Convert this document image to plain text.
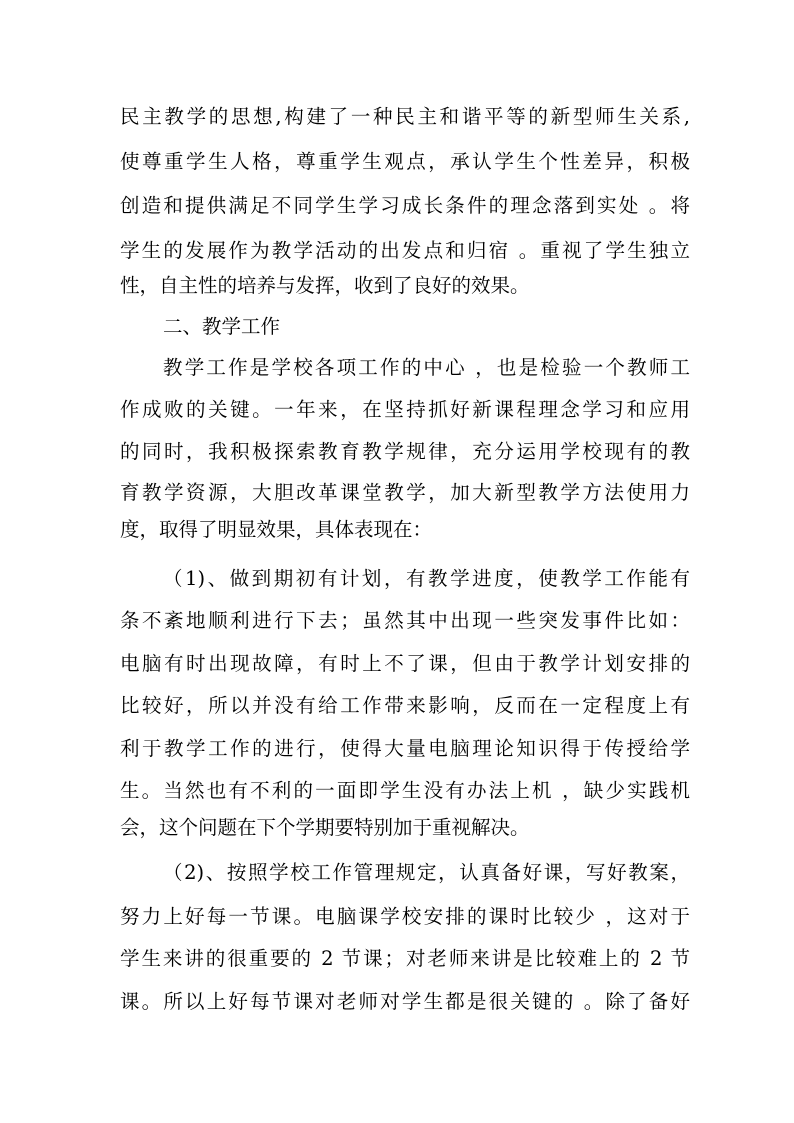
民主教学的思想,构建了一种民主和谐平等的新型师生关系,
使尊重学生人格，尊重学生观点，承认学生个性差异，积极
创造和提供满足不同学生学习成长条件的理念落到实处 。将
学生的发展作为教学活动的出发点和归宿 。重视了学生独立
性，自主性的培养与发挥，收到了良好的效果。
二、教学工作
教学工作是学校各项工作的中心 ，也是检验一个教师工
作成败的关键。一年来，在坚持抓好新课程理念学习和应用
的同时，我积极探索教育教学规律，充分运用学校现有的教
育教学资源，大胆改革课堂教学，加大新型教学方法使用力
度，取得了明显效果，具体表现在：
（1)、做到期初有计划，有教学进度，使教学工作能有
条不紊地顺利进行下去；虽然其中出现一些突发事件比如：
电脑有时出现故障，有时上不了课，但由于教学计划安排的
比较好，所以并没有给工作带来影响，反而在一定程度上有
利于教学工作的进行，使得大量电脑理论知识得于传授给学
生。当然也有不利的一面即学生没有办法上机 ，缺少实践机
会，这个问题在下个学期要特别加于重视解决。
（2)、按照学校工作管理规定，认真备好课，写好教案，
努力上好每一节课。电脑课学校安排的课时比较少 ，这对于
学生来讲的很重要的 2 节课；对老师来讲是比较难上的 2 节
课。所以上好每节课对老师对学生都是很关键的 。除了备好
